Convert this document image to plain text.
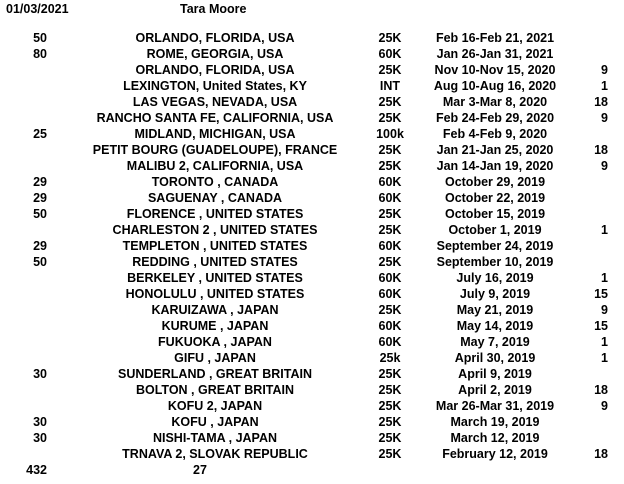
01/03/2021	Tara Moore
50	ORLANDO, FLORIDA, USA	25K	Feb 16-Feb 21, 2021
80	ROME, GEORGIA, USA	60K	Jan 26-Jan 31, 2021
ORLANDO, FLORIDA, USA	25K	Nov 10-Nov 15, 2020	9
LEXINGTON, United States, KY	INT	Aug 10-Aug 16, 2020	1
LAS VEGAS, NEVADA, USA	25K	Mar 3-Mar 8, 2020	18
RANCHO SANTA FE, CALIFORNIA, USA	25K	Feb 24-Feb 29, 2020	9
25	MIDLAND, MICHIGAN, USA	100k	Feb 4-Feb 9, 2020
PETIT BOURG (GUADELOUPE), FRANCE	25K	Jan 21-Jan 25, 2020	18
MALIBU 2, CALIFORNIA, USA	25K	Jan 14-Jan 19, 2020	9
29	TORONTO , CANADA	60K	October 29, 2019
29	SAGUENAY , CANADA	60K	October 22, 2019
50	FLORENCE , UNITED STATES	25K	October 15, 2019
CHARLESTON 2 , UNITED STATES	25K	October 1, 2019	1
29	TEMPLETON , UNITED STATES	60K	September 24, 2019
50	REDDING , UNITED STATES	25K	September 10, 2019
BERKELEY , UNITED STATES	60K	July 16, 2019	1
HONOLULU , UNITED STATES	60K	July 9, 2019	15
KARUIZAWA , JAPAN	25K	May 21, 2019	9
KURUME , JAPAN	60K	May 14, 2019	15
FUKUOKA , JAPAN	60K	May 7, 2019	1
GIFU , JAPAN	25k	April 30, 2019	1
30	SUNDERLAND , GREAT BRITAIN	25K	April 9, 2019
BOLTON , GREAT BRITAIN	25K	April 2, 2019	18
KOFU 2, JAPAN	25K	Mar 26-Mar 31, 2019	9
30	KOFU , JAPAN	25K	March 19, 2019
30	NISHI-TAMA , JAPAN	25K	March 12, 2019
TRNAVA 2, SLOVAK REPUBLIC	25K	February 12, 2019	18
432	27
